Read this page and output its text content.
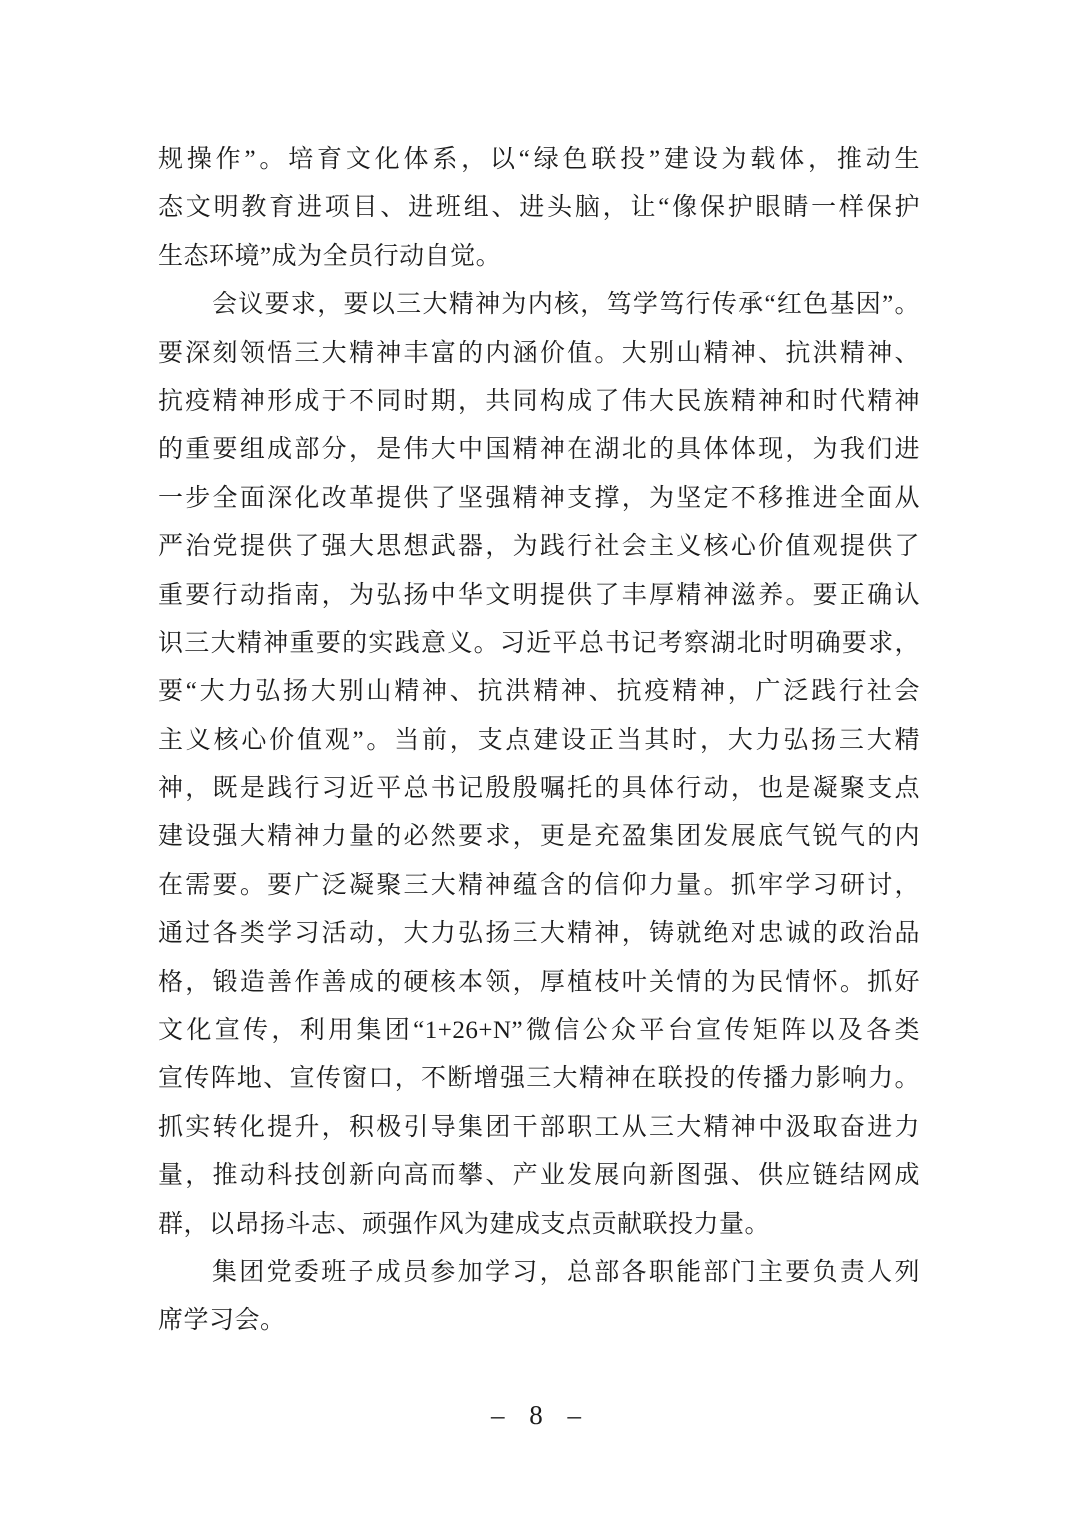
规操作”。培育文化体系，以“绿色联投”建设为载体，推动生
态文明教育进项目、进班组、进头脑，让“像保护眼睛一样保护
生态环境”成为全员行动自觉。
会议要求，要以三大精神为内核，笃学笃行传承“红色基因”。
要深刻领悟三大精神丰富的内涵价值。大别山精神、抗洪精神、
抗疫精神形成于不同时期，共同构成了伟大民族精神和时代精神
的重要组成部分，是伟大中国精神在湖北的具体体现，为我们进
一步全面深化改革提供了坚强精神支撑，为坚定不移推进全面从
严治党提供了强大思想武器，为践行社会主义核心价值观提供了
重要行动指南，为弘扬中华文明提供了丰厚精神滋养。要正确认
识三大精神重要的实践意义。习近平总书记考察湖北时明确要求，
要“大力弘扬大别山精神、抗洪精神、抗疫精神，广泛践行社会
主义核心价值观”。当前，支点建设正当其时，大力弘扬三大精
神，既是践行习近平总书记殷殷嘱托的具体行动，也是凝聚支点
建设强大精神力量的必然要求，更是充盈集团发展底气锐气的内
在需要。要广泛凝聚三大精神蕴含的信仰力量。抓牢学习研讨，
通过各类学习活动，大力弘扬三大精神，铸就绝对忠诚的政治品
格，锻造善作善成的硬核本领，厚植枝叶关情的为民情怀。抓好
文化宣传，利用集团“1+26+N”微信公众平台宣传矩阵以及各类
宣传阵地、宣传窗口，不断增强三大精神在联投的传播力影响力。
抓实转化提升，积极引导集团干部职工从三大精神中汲取奋进力
量，推动科技创新向高而攀、产业发展向新图强、供应链结网成
群，以昂扬斗志、顽强作风为建成支点贡献联投力量。
集团党委班子成员参加学习，总部各职能部门主要负责人列
席学习会。
– 8 –
